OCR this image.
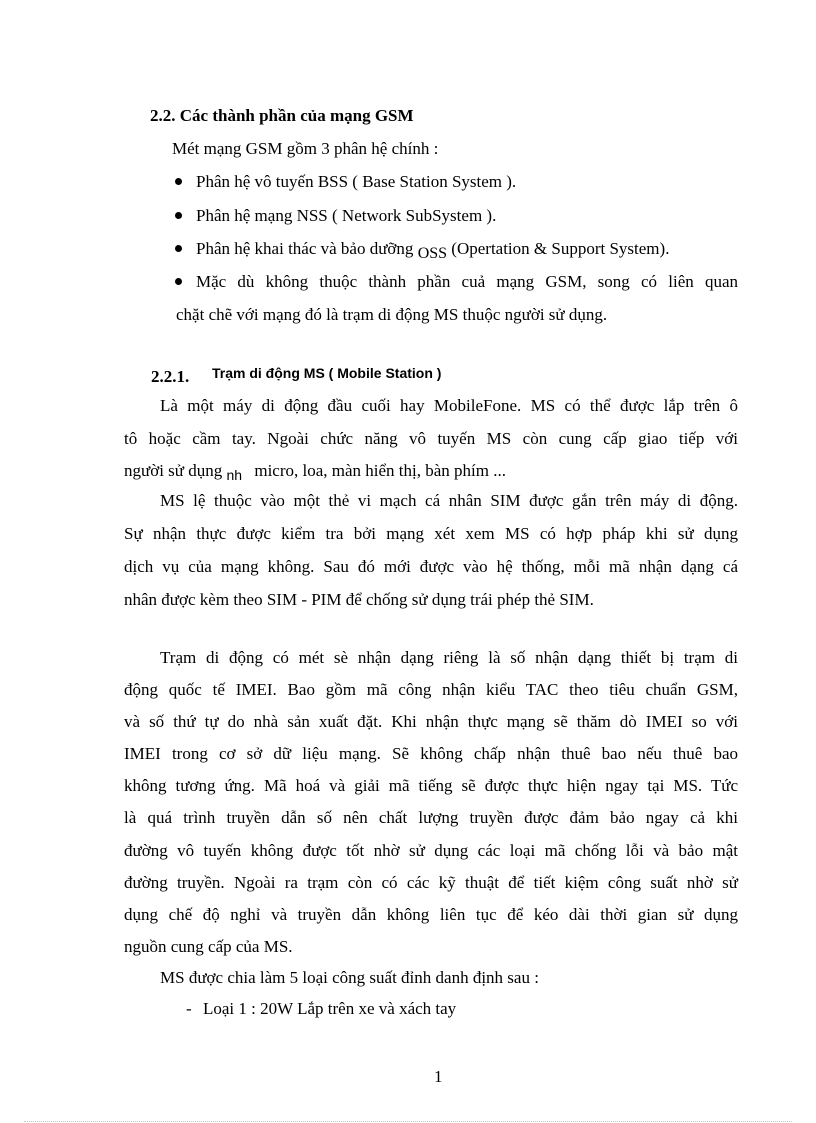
2.2. Các thành phần của mạng GSM
Mét mạng GSM gồm 3 phân hệ chính :
Phân hệ vô tuyến BSS ( Base Station System ).
Phân hệ mạng NSS ( Network SubSystem ).
Phân hệ khai thác và bảo dưỡng OSS (Opertation & Support System).
Mặc dù không thuộc thành phần cuả mạng GSM, song có liên quan
chặt chẽ với mạng đó là trạm di động MS thuộc người sử dụng.
2.2.1. Trạm di động MS ( Mobile Station )
Là một máy di động đầu cuối hay MobileFone. MS có thể được lắp trên ô
tô hoặc cầm tay. Ngoài chức năng vô tuyến MS còn cung cấp giao tiếp với
người sử dụng $_{nh}$ micro, loa, màn hiển thị, bàn phím ...
MS lệ thuộc vào một thẻ vi mạch cá nhân SIM được gắn trên máy di động.
Sự nhận thực được kiểm tra bởi mạng xét xem MS có hợp pháp khi sử dụng
dịch vụ của mạng không. Sau đó mới được vào hệ thống, mỗi mã nhận dạng cá
nhân được kèm theo SIM - PIM để chống sử dụng trái phép thẻ SIM.
Trạm di động có mét sè nhận dạng riêng là số nhận dạng thiết bị trạm di
động quốc tế IMEI. Bao gồm mã công nhận kiểu TAC theo tiêu chuẩn GSM,
và số thứ tự do nhà sản xuất đặt. Khi nhận thực mạng sẽ thăm dò IMEI so với
IMEI trong cơ sở dữ liệu mạng. Sẽ không chấp nhận thuê bao nếu thuê bao
không tương ứng. Mã hoá và giải mã tiếng sẽ được thực hiện ngay tại MS. Tức
là quá trình truyền dẫn số nên chất lượng truyền được đảm bảo ngay cả khi
đường vô tuyến không được tốt nhờ sử dụng các loại mã chống lỗi và bảo mật
đường truyền. Ngoài ra trạm còn có các kỹ thuật để tiết kiệm công suất nhờ sử
dụng chế độ nghỉ và truyền dẫn không liên tục để kéo dài thời gian sử dụng
nguồn cung cấp của MS.
MS được chia làm 5 loại công suất đỉnh danh định sau :
- Loại 1 : 20W Lắp trên xe và xách tay
1
